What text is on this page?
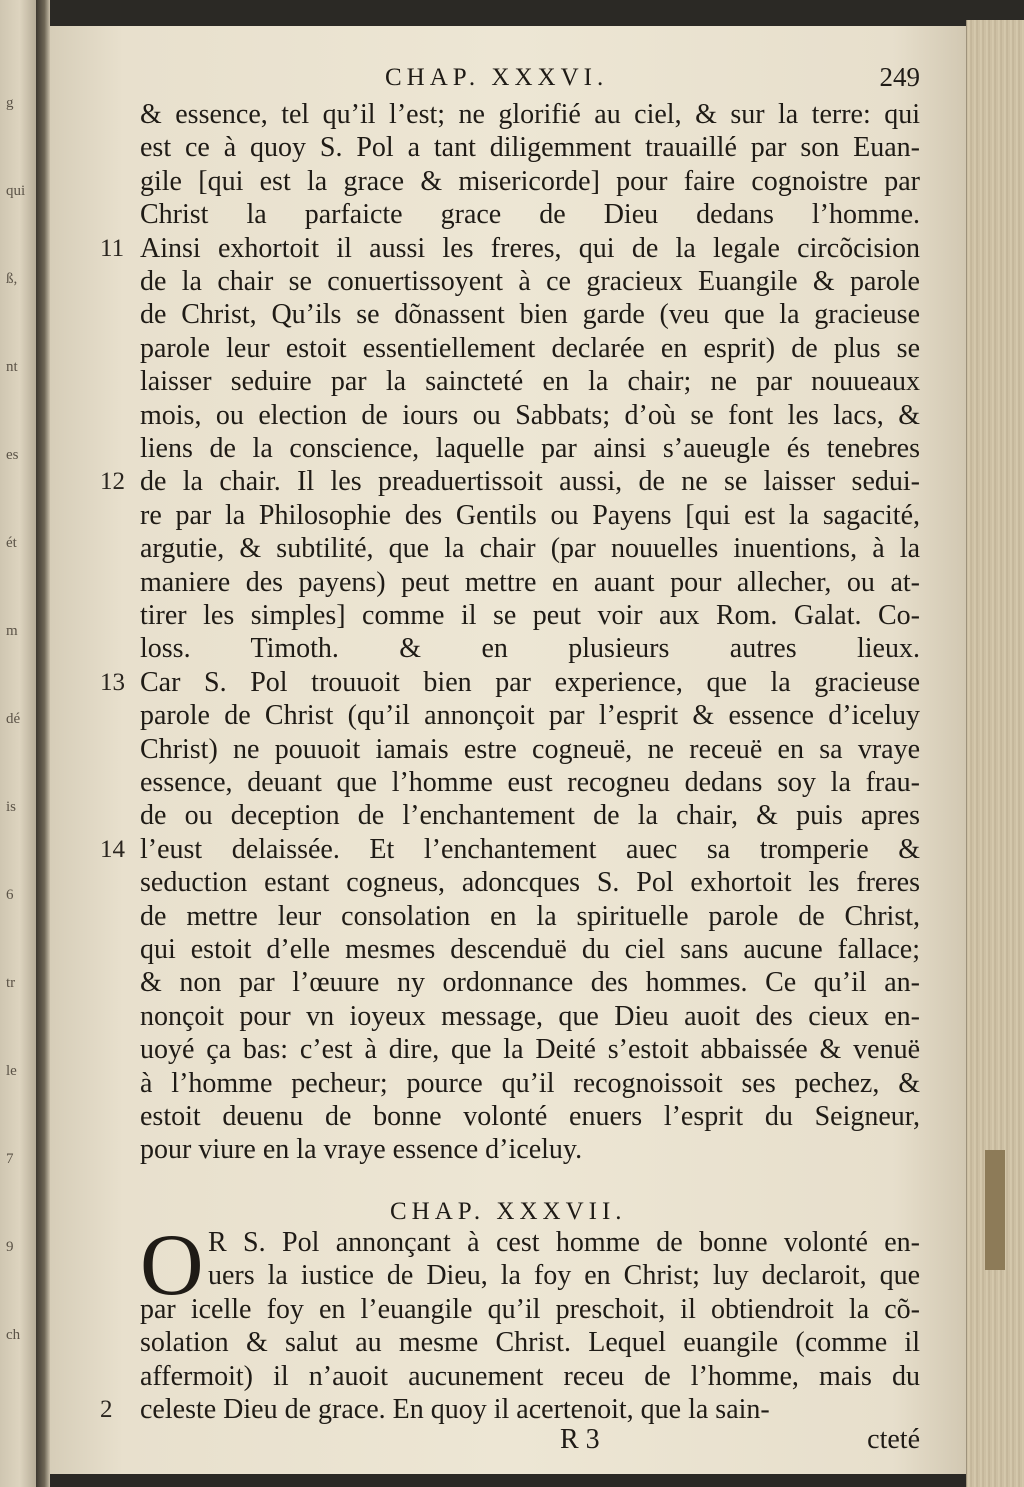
g
qui
ß,
nt
es
ét
m
dé
is
6
tr
le
7
9
ch
CHAP. XXXVI.	249
& essence, tel qu’il l’est; ne glorifié au ciel, & sur la terre: qui
est ce à quoy S. Pol a tant diligemment trauaillé par son Euan-
gile [qui est la grace & misericorde] pour faire cognoistre par
Christ la parfaicte grace de Dieu dedans l’homme.
Ainsi exhortoit il aussi les freres, qui de la legale circõcision
11
de la chair se conuertissoyent à ce gracieux Euangile & parole
de Christ, Qu’ils se dõnassent bien garde (veu que la gracieuse
parole leur estoit essentiellement declarée en esprit) de plus se
laisser seduire par la saincteté en la chair; ne par nouueaux
mois, ou election de iours ou Sabbats; d’où se font les lacs, &
liens de la conscience, laquelle par ainsi s’aueugle és tenebres
de la chair. Il les preaduertissoit aussi, de ne se laisser sedui-
12
re par la Philosophie des Gentils ou Payens [qui est la sagacité,
argutie, & subtilité, que la chair (par nouuelles inuentions, à la
maniere des payens) peut mettre en auant pour allecher, ou at-
tirer les simples] comme il se peut voir aux Rom. Galat. Co-
loss. Timoth. & en plusieurs autres lieux.
Car S. Pol trouuoit bien par experience, que la gracieuse
13
parole de Christ (qu’il annonçoit par l’esprit & essence d’iceluy
Christ) ne pouuoit iamais estre cogneuë, ne receuë en sa vraye
essence, deuant que l’homme eust recogneu dedans soy la frau-
de ou deception de l’enchantement de la chair, & puis apres
l’eust delaissée. Et l’enchantement auec sa tromperie &
14
seduction estant cogneus, adoncques S. Pol exhortoit les freres
de mettre leur consolation en la spirituelle parole de Christ,
qui estoit d’elle mesmes descenduë du ciel sans aucune fallace;
& non par l’œuure ny ordonnance des hommes. Ce qu’il an-
nonçoit pour vn ioyeux message, que Dieu auoit des cieux en-
uoyé ça bas: c’est à dire, que la Deité s’estoit abbaissée & venuë
à l’homme pecheur; pource qu’il recognoissoit ses pechez, &
estoit deuenu de bonne volonté enuers l’esprit du Seigneur,
pour viure en la vraye essence d’iceluy.
CHAP. XXXVII.
O R S. Pol annonçant à cest homme de bonne volonté en-
uers la iustice de Dieu, la foy en Christ; luy declaroit, que
par icelle foy en l’euangile qu’il preschoit, il obtiendroit la cõ-
solation & salut au mesme Christ. Lequel euangile (comme il
affermoit) il n’auoit aucunement receu de l’homme, mais du
celeste Dieu de grace. En quoy il acertenoit, que la sain-
2
R 3	cteté
